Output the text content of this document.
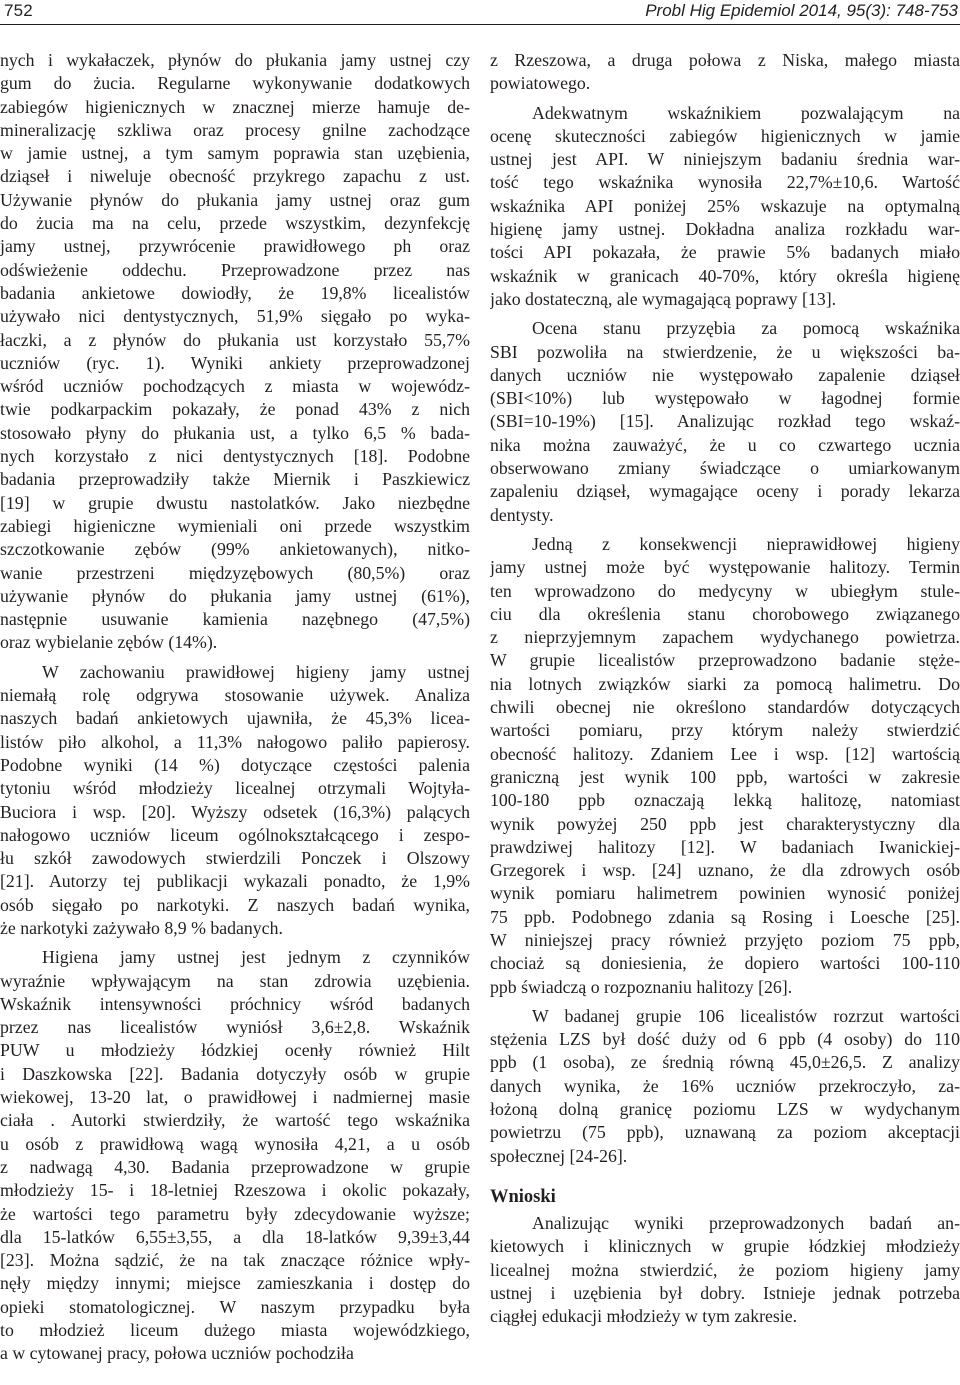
752	Probl Hig Epidemiol 2014, 95(3): 748-753
nych i wykałaczek, płynów do płukania jamy ustnej czy
gum do żucia. Regularne wykonywanie dodatkowych
zabiegów higienicznych w znacznej mierze hamuje de-
mineralizację szkliwa oraz procesy gnilne zachodzące
w jamie ustnej, a tym samym poprawia stan uzębienia,
dziąseł i niweluje obecność przykrego zapachu z ust.
Używanie płynów do płukania jamy ustnej oraz gum
do żucia ma na celu, przede wszystkim, dezynfekcję
jamy ustnej, przywrócenie prawidłowego ph oraz
odświeżenie oddechu. Przeprowadzone przez nas
badania ankietowe dowiodły, że 19,8% licealistów
używało nici dentystycznych, 51,9% sięgało po wyka-
łaczki, a z płynów do płukania ust korzystało 55,7%
uczniów (ryc. 1). Wyniki ankiety przeprowadzonej
wśród uczniów pochodzących z miasta w wojewódz-
twie podkarpackim pokazały, że ponad 43% z nich
stosowało płyny do płukania ust, a tylko 6,5 % bada-
nych korzystało z nici dentystycznych [18]. Podobne
badania przeprowadziły także Miernik i Paszkiewicz
[19] w grupie dwustu nastolatków. Jako niezbędne
zabiegi higieniczne wymieniali oni przede wszystkim
szczotkowanie zębów (99% ankietowanych), nitko-
wanie przestrzeni międzyzębowych (80,5%) oraz
używanie płynów do płukania jamy ustnej (61%),
następnie usuwanie kamienia nazębnego (47,5%)
oraz wybielanie zębów (14%).
W zachowaniu prawidłowej higieny jamy ustnej
niemałą rolę odgrywa stosowanie używek. Analiza
naszych badań ankietowych ujawniła, że 45,3% licea-
listów piło alkohol, a 11,3% nałogowo paliło papierosy.
Podobne wyniki (14 %) dotyczące częstości palenia
tytoniu wśród młodzieży licealnej otrzymali Wojtyła-
Buciora i wsp. [20]. Wyższy odsetek (16,3%) palących
nałogowo uczniów liceum ogólnokształcącego i zespo-
łu szkół zawodowych stwierdzili Ponczek i Olszowy
[21]. Autorzy tej publikacji wykazali ponadto, że 1,9%
osób sięgało po narkotyki. Z naszych badań wynika,
że narkotyki zażywało 8,9 % badanych.
Higiena jamy ustnej jest jednym z czynników
wyraźnie wpływającym na stan zdrowia uzębienia.
Wskaźnik intensywności próchnicy wśród badanych
przez nas licealistów wyniósł 3,6±2,8. Wskaźnik
PUW u młodzieży łódzkiej ocenły również Hilt
i Daszkowska [22]. Badania dotyczyły osób w grupie
wiekowej, 13-20 lat, o prawidłowej i nadmiernej masie
ciała . Autorki stwierdziły, że wartość tego wskaźnika
u osób z prawidłową wagą wynosiła 4,21, a u osób
z nadwagą 4,30. Badania przeprowadzone w grupie
młodzieży 15- i 18-letniej Rzeszowa i okolic pokazały,
że wartości tego parametru były zdecydowanie wyższe;
dla 15-latków 6,55±3,55, a dla 18-latków 9,39±3,44
[23]. Można sądzić, że na tak znaczące różnice wpły-
nęły między innymi; miejsce zamieszkania i dostęp do
opieki stomatologicznej. W naszym przypadku była
to młodzież liceum dużego miasta wojewódzkiego,
a w cytowanej pracy, połowa uczniów pochodziła
z Rzeszowa, a druga połowa z Niska, małego miasta
powiatowego.
Adekwatnym wskaźnikiem pozwalającym na
ocenę skuteczności zabiegów higienicznych w jamie
ustnej jest API. W niniejszym badaniu średnia war-
tość tego wskaźnika wynosiła 22,7%±10,6. Wartość
wskaźnika API poniżej 25% wskazuje na optymalną
higienę jamy ustnej. Dokładna analiza rozkładu war-
tości API pokazała, że prawie 5% badanych miało
wskaźnik w granicach 40-70%, który określa higienę
jako dostateczną, ale wymagającą poprawy [13].
Ocena stanu przyzębia za pomocą wskaźnika
SBI pozwoliła na stwierdzenie, że u większości ba-
danych uczniów nie występowało zapalenie dziąseł
(SBI<10%) lub występowało w łagodnej formie
(SBI=10-19%) [15]. Analizując rozkład tego wskaź-
nika można zauważyć, że u co czwartego ucznia
obserwowano zmiany świadczące o umiarkowanym
zapaleniu dziąseł, wymagające oceny i porady lekarza
dentysty.
Jedną z konsekwencji nieprawidłowej higieny
jamy ustnej może być występowanie halitozy. Termin
ten wprowadzono do medycyny w ubiegłym stule-
ciu dla określenia stanu chorobowego związanego
z nieprzyjemnym zapachem wydychanego powietrza.
W grupie licealistów przeprowadzono badanie stęże-
nia lotnych związków siarki za pomocą halimetru. Do
chwili obecnej nie określono standardów dotyczących
wartości pomiaru, przy którym należy stwierdzić
obecność halitozy. Zdaniem Lee i wsp. [12] wartością
graniczną jest wynik 100 ppb, wartości w zakresie
100-180 ppb oznaczają lekką halitozę, natomiast
wynik powyżej 250 ppb jest charakterystyczny dla
prawdziwej halitozy [12]. W badaniach Iwanickiej-
Grzegorek i wsp. [24] uznano, że dla zdrowych osób
wynik pomiaru halimetrem powinien wynosić poniżej
75 ppb. Podobnego zdania są Rosing i Loesche [25].
W niniejszej pracy również przyjęto poziom 75 ppb,
chociaż są doniesienia, że dopiero wartości 100-110
ppb świadczą o rozpoznaniu halitozy [26].
W badanej grupie 106 licealistów rozrzut wartości
stężenia LZS był dość duży od 6 ppb (4 osoby) do 110
ppb (1 osoba), ze średnią równą 45,0±26,5. Z analizy
danych wynika, że 16% uczniów przekroczyło, za-
łożoną dolną granicę poziomu LZS w wydychanym
powietrzu (75 ppb), uznawaną za poziom akceptacji
społecznej [24-26].
Wnioski
Analizując wyniki przeprowadzonych badań an-
kietowych i klinicznych w grupie łódzkiej młodzieży
licealnej można stwierdzić, że poziom higieny jamy
ustnej i uzębienia był dobry. Istnieje jednak potrzeba
ciągłej edukacji młodzieży w tym zakresie.
